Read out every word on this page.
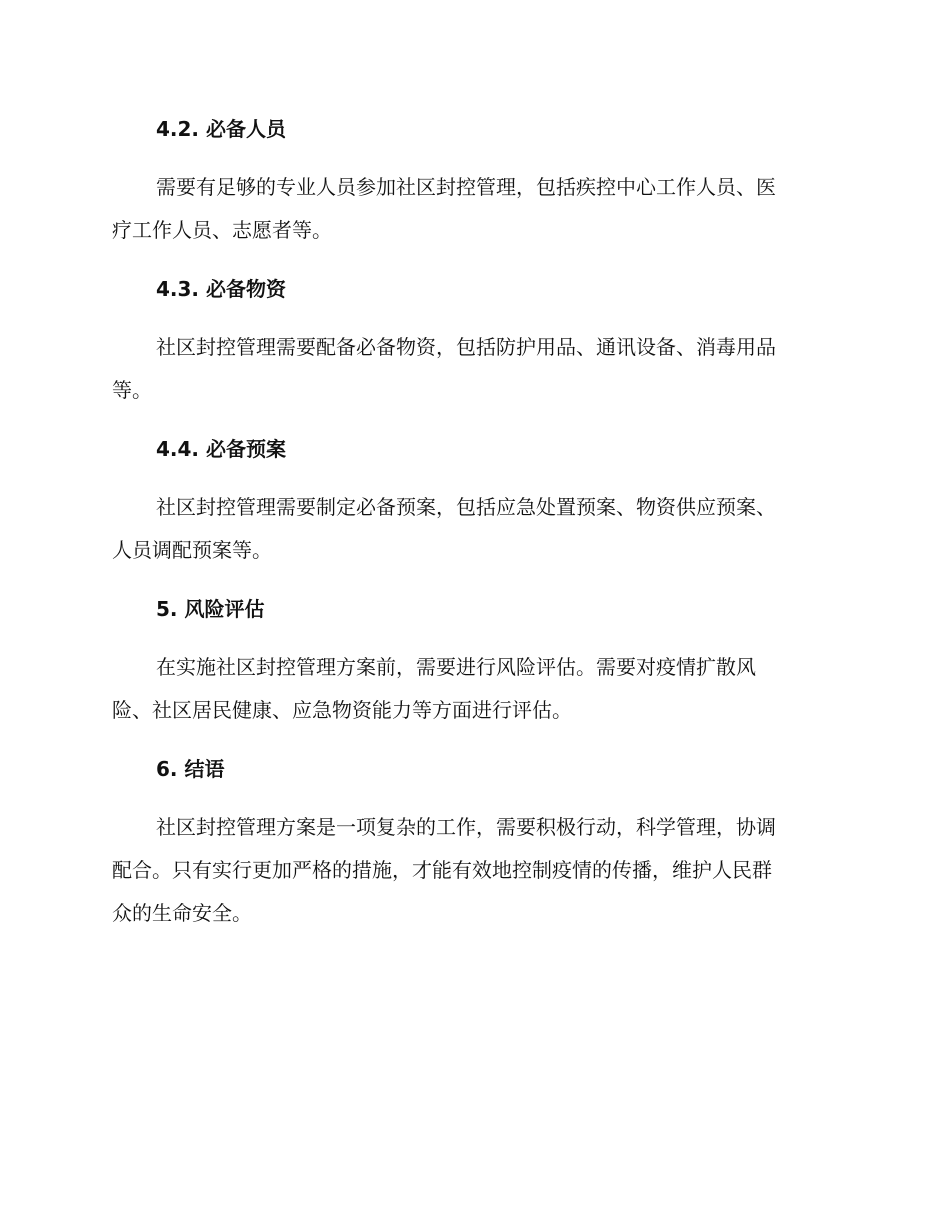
4.2. 必备人员
需要有足够的专业人员参加社区封控管理，包括疾控中心工作人员、医
疗工作人员、志愿者等。
4.3. 必备物资
社区封控管理需要配备必备物资，包括防护用品、通讯设备、消毒用品
等。
4.4. 必备预案
社区封控管理需要制定必备预案，包括应急处置预案、物资供应预案、
人员调配预案等。
5. 风险评估
在实施社区封控管理方案前，需要进行风险评估。需要对疫情扩散风
险、社区居民健康、应急物资能力等方面进行评估。
6. 结语
社区封控管理方案是一项复杂的工作，需要积极行动，科学管理，协调
配合。只有实行更加严格的措施，才能有效地控制疫情的传播，维护人民群
众的生命安全。
